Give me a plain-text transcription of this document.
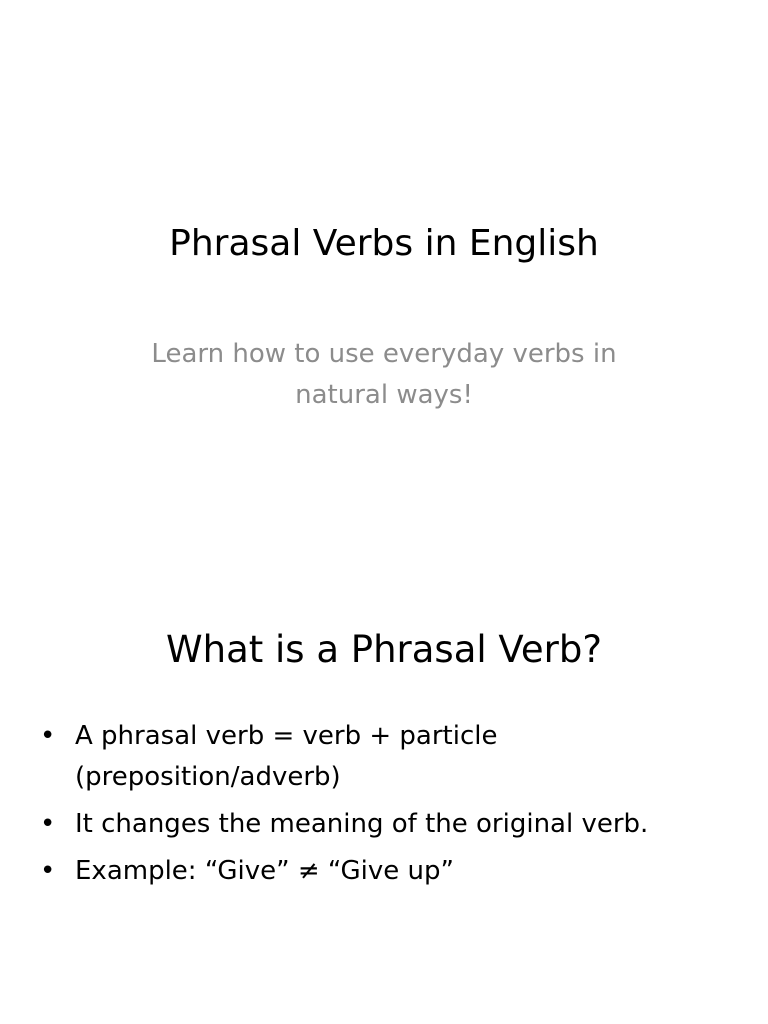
Phrasal Verbs in English
Learn how to use everyday verbs in
natural ways!
What is a Phrasal Verb?
• A phrasal verb = verb + particle
(preposition/adverb)
• It changes the meaning of the original verb.
• Example: “Give” ≠ “Give up”
